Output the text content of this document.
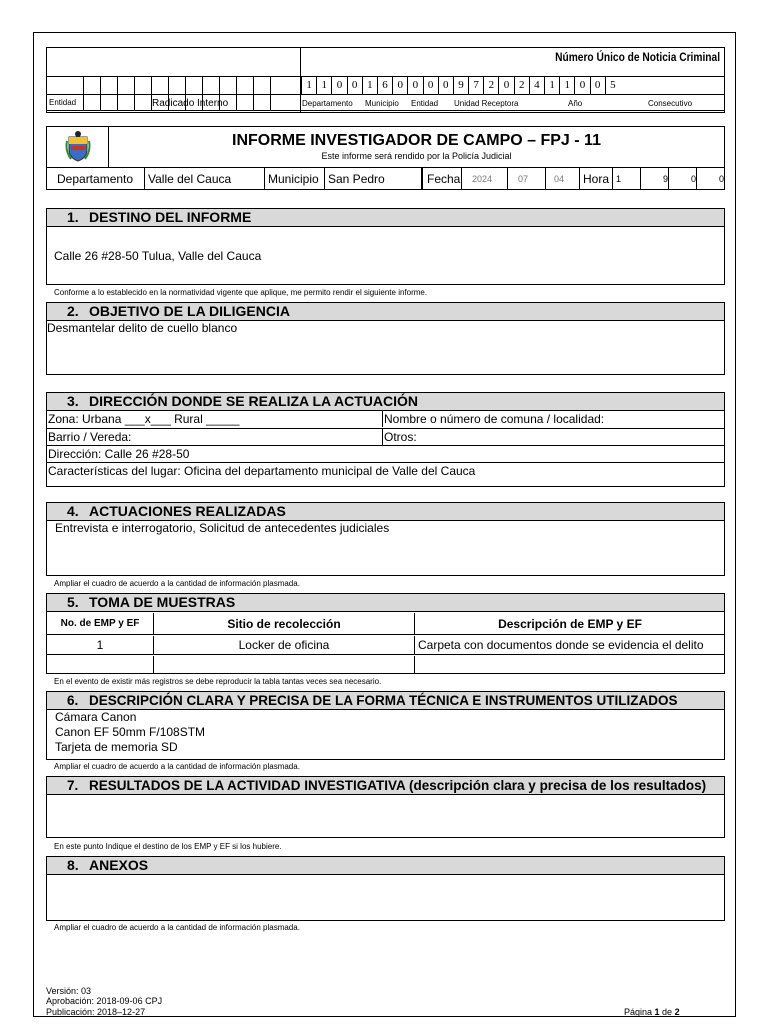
Número Único de Noticia Criminal
1 1 0 0 1 6 0 0 0 0 9 7 2 0 2 4 1 1 0 0 5
Entidad	Radicado Interno	Departamento Municipio Entidad Unidad Receptora	Año	Consecutivo
INFORME INVESTIGADOR DE CAMPO – FPJ - 11
Este informe será rendido por la Policía Judicial
Departamento	Valle del Cauca	Municipio San Pedro	Fecha	2024	07	04	Hora 1	9	0	0
1. DESTINO DEL INFORME
Calle 26 #28-50 Tulua, Valle del Cauca
Conforme a lo establecido en la normatividad vigente que aplique, me permito rendir el siguiente informe.
2. OBJETIVO DE LA DILIGENCIA
Desmantelar delito de cuello blanco
3. DIRECCIÓN DONDE SE REALIZA LA ACTUACIÓN
Zona: Urbana ___x___ Rural _____	Nombre o número de comuna / localidad:
Barrio / Vereda:	Otros:
Dirección: Calle 26 #28-50
Características del lugar: Oficina del departamento municipal de Valle del Cauca
4. ACTUACIONES REALIZADAS
Entrevista e interrogatorio, Solicitud de antecedentes judiciales
Ampliar el cuadro de acuerdo a la cantidad de información plasmada.
5. TOMA DE MUESTRAS
No. de EMP y EF	Sitio de recolección	Descripción de EMP y EF
1	Locker de oficina	Carpeta con documentos donde se evidencia el delito
En el evento de existir más registros se debe reproducir la tabla tantas veces sea necesario.
6. DESCRIPCIÓN CLARA Y PRECISA DE LA FORMA TÉCNICA E INSTRUMENTOS UTILIZADOS
Cámara Canon
Canon EF 50mm F/108STM
Tarjeta de memoria SD
Ampliar el cuadro de acuerdo a la cantidad de información plasmada.
7. RESULTADOS DE LA ACTIVIDAD INVESTIGATIVA (descripción clara y precisa de los resultados)
En este punto Indique el destino de los EMP y EF si los hubiere.
8. ANEXOS
Ampliar el cuadro de acuerdo a la cantidad de información plasmada.
Versión: 03
Aprobación: 2018-09-06 CPJ
Publicación: 2018–12-27	Página 1 de 2
